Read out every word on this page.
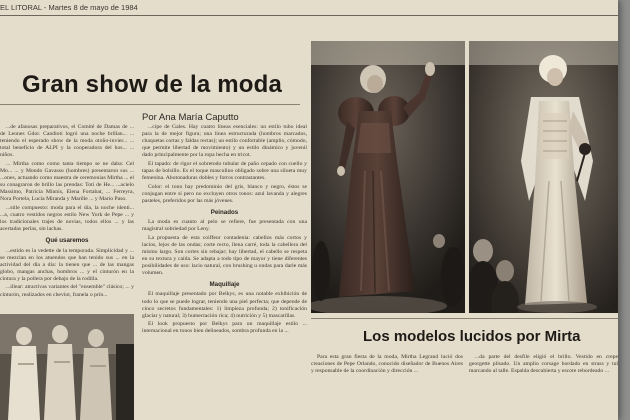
EL LITORAL - Martes 8 de mayo de 1984
Gran show de la moda
Por Ana María Caputto

...de afanosas preparativos, el Comité de Damas de ... de Leones Gdor. Candioti logró una noche brillan... ... teniendo el esperado show de la moda otoño-invier... ... total beneficio de ALPI y la cooperadora del hos... ... niños.

... Mirtha como como tanta tiempo se ne daba: Cel Mo... ... y Mondo Gavasso (hombres) presentaron sus ... ...ones, actuando como maestra de ceremonias Mirtha ... el su conagraron de brillo las prendas: Toti de He... ...acielo Massimo, Patricia Minnis, Elena Fortabat, ... Ferreyra, Nora Portela, Lucia Miranda y Marille ... y Mario Paso.

...stile compuesto: moda para el día, la noche identi... ...a, cuatro vestidos negros estilo New York de Pepe ... y los tradicionales trajes de novias, todos ellos ... y las acertadas perlas, sin lachas.

Qué usaremos

...estido es la vedette de la temporada. Simplicidad y ... se mezclan en los atuendos que han tenido sus ... en la actividad del día a día: la tienen que ... de las mangas globo, mangas anchas, hombros ... y el cinturón en la cintura y la pollera por debajo de la rodilla.

...illear: atractivas variantes del "ensemble" clásico; ... y cinturón, realizados en chevíot, franela o prín...

...cipe de Gales. Hay cuatro líneas esenciales: un estilo tubo ideal para la de mejor figura; una línea estructurada (hombros marcados, chaquetas cortas y faldas rectas); un estilo confortable (amplio, cómodo, que permite libertad de movimiento) y un estilo dinámico y juvenil dado principalmente por la ropa hecha en tricot.

El tapado: de rigor el sobretodo tubular de paño cepado con cuello y tapas de bolsillo. Es el toque masculino obligado sobre una silueta muy femenina. Abotonaduras dobles y forros contrastantes.

Color: el tono hay predominio del gris, blanco y negro, éstos se conjugan entre sí pero no excluyen otros tonos: azul lavanda y alegres pasteles, preferidos por las más jóvenes.

Peinados

La moda es cuanto al pelo se refiere, fue presentada con una magistral sobriedad por Leny.

La propuesta de esta coiffeur contadenia: cabellos más cortos y lacios, lejos de las ondas; corte recto, llena carré, toda la cabellera del mismo largo. Son cortes sin rebajar; hay libertad, el cabello se respeta en su textura y caída. Se adapta a todo tipo de mayor y tiene diferentes posibilidades de uso: lacio natural, con brushing u ondas para darle más volumen.

Maquillaje

El maquillaje presentado por Belkys, es una notable exhibición de todo lo que se puede lograr, teniendo una piel perfecta; que depende de cinco secretos fundamentales: 1) limpieza profunda; 2) tonificación glaciar y natural; 3) humectación rica; 4) nutrición y 5) mascarillas.

El look propuesto por Belkys para un maquillaje estilo ... internacional en tonos bien delineados, sombra profunda en la ...	Los modelos lucidos por Mirta

Para esta gran fiesta de la moda, Mirtha Legrand lució dos creaciones de Pepe Orlando, conocido diseñador de Buenos Aires y responsable de la coordinación y dirección ...

...da parte del desfile eligió el brillo. Vestido en crepe georgette plisado. Un amplio corsage bordado en strass y tul marcando al talle. Espalda descubierta y escote rebordeado ...
